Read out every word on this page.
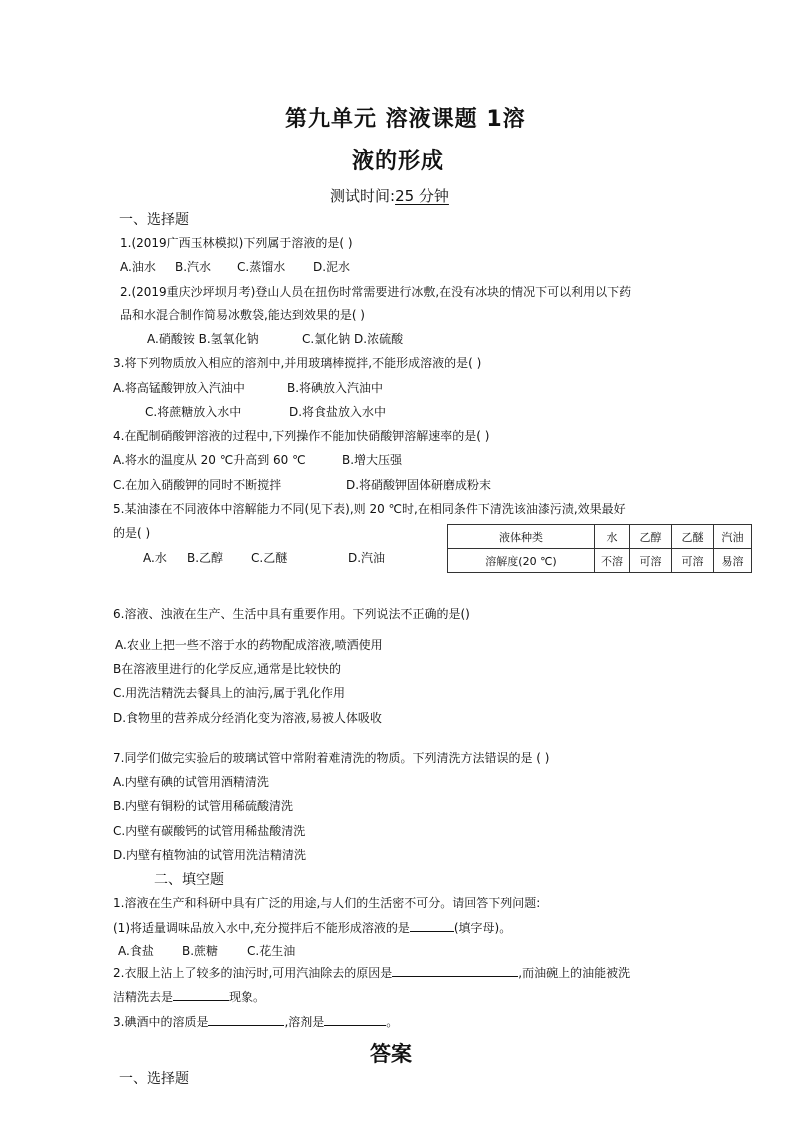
第九单元 溶液课题 1溶
液的形成
测试时间:25 分钟
一、选择题
1.(2019广西玉林模拟)下列属于溶液的是( )
A.油水 B.汽水 C.蒸馏水 D.泥水
2.(2019重庆沙坪坝月考)登山人员在扭伤时常需要进行冰敷,在没有冰块的情况下可以利用以下药
品和水混合制作简易冰敷袋,能达到效果的是( )
A.硝酸铵 B.氢氧化钠	C.氯化钠 D.浓硫酸
3.将下列物质放入相应的溶剂中,并用玻璃棒搅拌,不能形成溶液的是( )
A.将高锰酸钾放入汽油中	B.将碘放入汽油中
C.将蔗糖放入水中	D.将食盐放入水中
4.在配制硝酸钾溶液的过程中,下列操作不能加快硝酸钾溶解速率的是( )
A.将水的温度从 20 ℃升高到 60 ℃	B.增大压强
C.在加入硝酸钾的同时不断搅拌	D.将硝酸钾固体研磨成粉末
5.某油漆在不同液体中溶解能力不同(见下表),则 20 ℃时,在相同条件下清洗该油漆污渍,效果最好
的是( )
A.水 B.乙醇 C.乙醚	D.汽油
液体种类	水	乙醇	乙醚	汽油
溶解度(20 ℃)	不溶	可溶	可溶	易溶
6.溶液、浊液在生产、生活中具有重要作用。下列说法不正确的是()
A.农业上把一些不溶于水的药物配成溶液,喷洒使用
B在溶液里进行的化学反应,通常是比较快的
C.用洗洁精洗去餐具上的油污,属于乳化作用
D.食物里的营养成分经消化变为溶液,易被人体吸收
7.同学们做完实验后的玻璃试管中常附着难清洗的物质。下列清洗方法错误的是 ( )
A.内壁有碘的试管用酒精清洗
B.内壁有铜粉的试管用稀硫酸清洗
C.内壁有碳酸钙的试管用稀盐酸清洗
D.内壁有植物油的试管用洗洁精清洗
二、填空题
1.溶液在生产和科研中具有广泛的用途,与人们的生活密不可分。请回答下列问题:
(1)将适量调味品放入水中,充分搅拌后不能形成溶液的是	(填字母)。
A.食盐 B.蔗糖 C.花生油
2.衣服上沾上了较多的油污时,可用汽油除去的原因是	,而油碗上的油能被洗
洁精洗去是	现象。
3.碘酒中的溶质是	,溶剂是	。
答案
一、选择题
